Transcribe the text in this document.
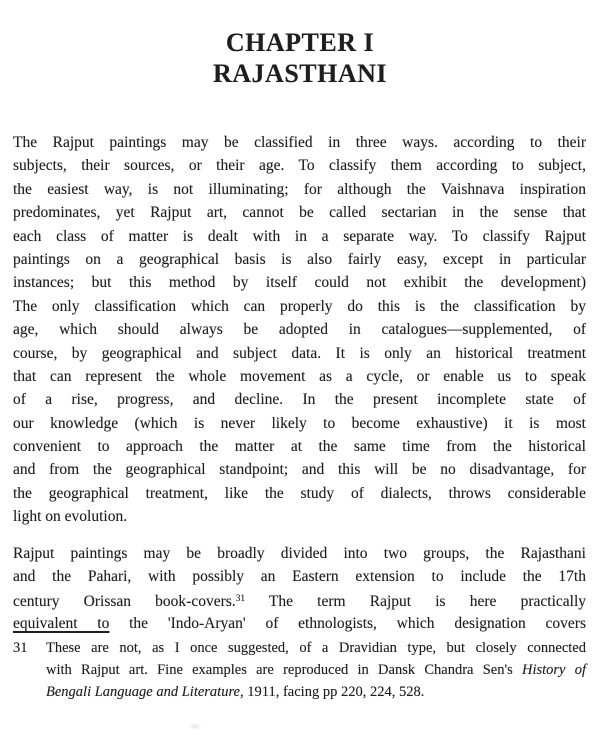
CHAPTER I
RAJASTHANI
The Rajput paintings may be classified in three ways. according to their
subjects, their sources, or their age. To classify them according to subject,
the easiest way, is not illuminating; for although the Vaishnava inspiration
predominates, yet Rajput art, cannot be called sectarian in the sense that
each class of matter is dealt with in a separate way. To classify Rajput
paintings on a geographical basis is also fairly easy, except in particular
instances; but this method by itself could not exhibit the development)
The only classification which can properly do this is the classification by
age, which should always be adopted in catalogues—supplemented, of
course, by geographical and subject data. It is only an historical treatment
that can represent the whole movement as a cycle, or enable us to speak
of a rise, progress, and decline. In the present incomplete state of
our knowledge (which is never likely to become exhaustive) it is most
convenient to approach the matter at the same time from the historical
and from the geographical standpoint; and this will be no disadvantage, for
the geographical treatment, like the study of dialects, throws considerable
light on evolution.
Rajput paintings may be broadly divided into two groups, the Rajasthani
and the Pahari, with possibly an Eastern extension to include the 17th
century Orissan book-covers.$^{31}$ The term Rajput is here practically
equivalent to the 'Indo-Aryan' of ethnologists, which designation covers
31 These are not, as I once suggested, of a Dravidian type, but closely connected
with Rajput art. Fine examples are reproduced in Dansk Chandra Sen's History of
Bengali Language and Literature, 1911, facing pp 220, 224, 528.
